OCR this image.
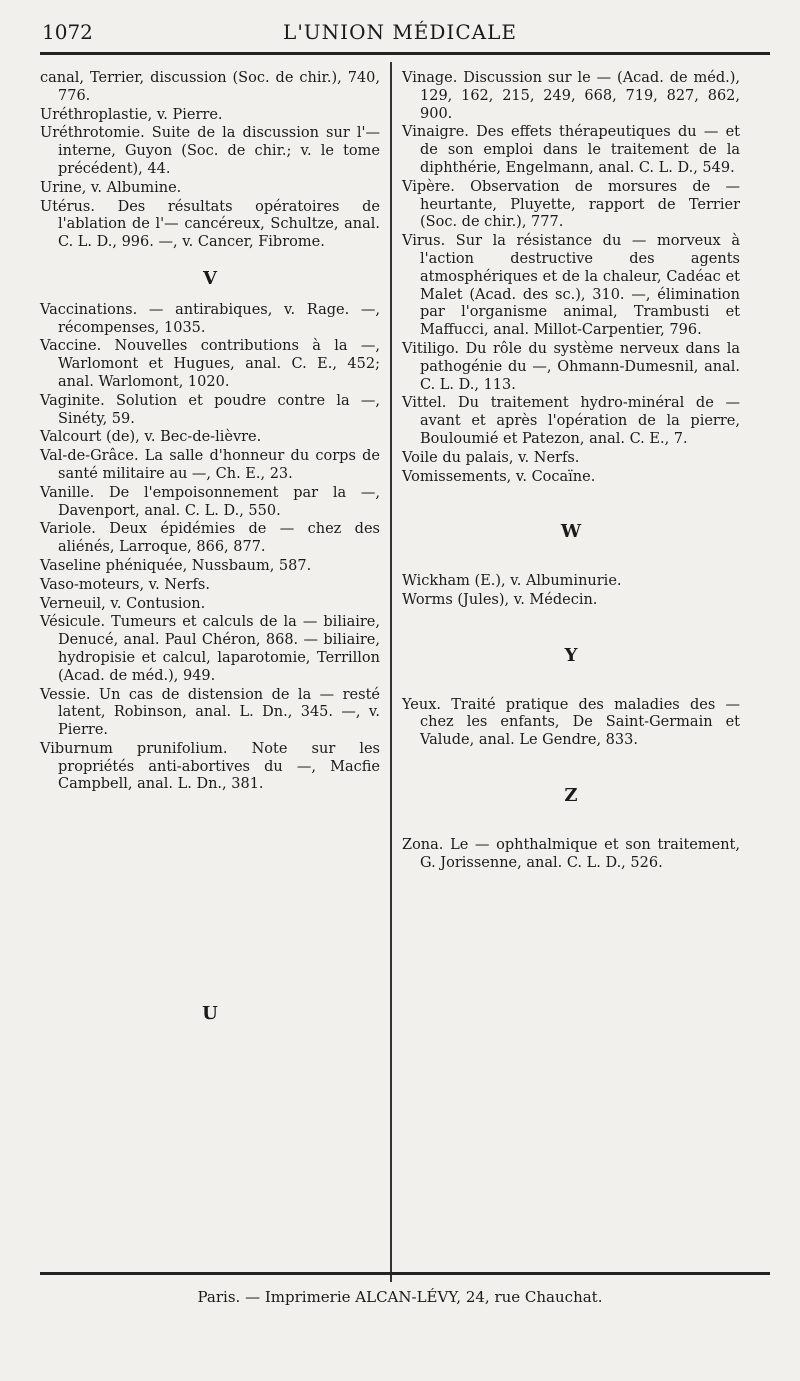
1072	L'UNION MÉDICALE

canal, Terrier, discussion (Soc. de chir.), 740, 776.

Uréthroplastie, v. Pierre.

Uréthrotomie. Suite de la discussion sur l'— interne, Guyon (Soc. de chir.; v. le tome précédent), 44.

Urine, v. Albumine.

Utérus. Des résultats opératoires de l'ablation de l'— cancéreux, Schultze, anal. C. L. D., 996. —, v. Cancer, Fibrome.

V

Vaccinations. — antirabiques, v. Rage. —, récompenses, 1035.

Vaccine. Nouvelles contributions à la —, Warlomont et Hugues, anal. C. E., 452; anal. Warlomont, 1020.

Vaginite. Solution et poudre contre la —, Sinéty, 59.

Valcourt (de), v. Bec-de-lièvre.

Val-de-Grâce. La salle d'honneur du corps de santé militaire au —, Ch. E., 23.

Vanille. De l'empoisonnement par la —, Davenport, anal. C. L. D., 550.

Variole. Deux épidémies de — chez des aliénés, Larroque, 866, 877.

Vaseline phéniquée, Nussbaum, 587.

Vaso-moteurs, v. Nerfs.

Verneuil, v. Contusion.

Vésicule. Tumeurs et calculs de la — biliaire, Denucé, anal. Paul Chéron, 868. — biliaire, hydropisie et calcul, laparotomie, Terrillon (Acad. de méd.), 949.

Vessie. Un cas de distension de la — resté latent, Robinson, anal. L. Dn., 345. —, v. Pierre.

Viburnum prunifolium. Note sur les propriétés anti-abortives du —, Macfie Campbell, anal. L. Dn., 381.

U

Vinage. Discussion sur le — (Acad. de méd.), 129, 162, 215, 249, 668, 719, 827, 862, 900.

Vinaigre. Des effets thérapeutiques du — et de son emploi dans le traitement de la diphthérie, Engelmann, anal. C. L. D., 549.

Vipère. Observation de morsures de — heurtante, Pluyette, rapport de Terrier (Soc. de chir.), 777.

Virus. Sur la résistance du — morveux à l'action destructive des agents atmosphériques et de la chaleur, Cadéac et Malet (Acad. des sc.), 310. —, élimination par l'organisme animal, Trambusti et Maffucci, anal. Millot-Carpentier, 796.

Vitiligo. Du rôle du système nerveux dans la pathogénie du —, Ohmann-Dumesnil, anal. C. L. D., 113.

Vittel. Du traitement hydro-minéral de — avant et après l'opération de la pierre, Bouloumié et Patezon, anal. C. E., 7.

Voile du palais, v. Nerfs.

Vomissements, v. Cocaïne.

W

Wickham (E.), v. Albuminurie.

Worms (Jules), v. Médecin.

Y

Yeux. Traité pratique des maladies des — chez les enfants, De Saint-Germain et Valude, anal. Le Gendre, 833.

Z

Zona. Le — ophthalmique et son traitement, G. Jorissenne, anal. C. L. D., 526.

Paris. — Imprimerie ALCAN-LÉVY, 24, rue Chauchat.
